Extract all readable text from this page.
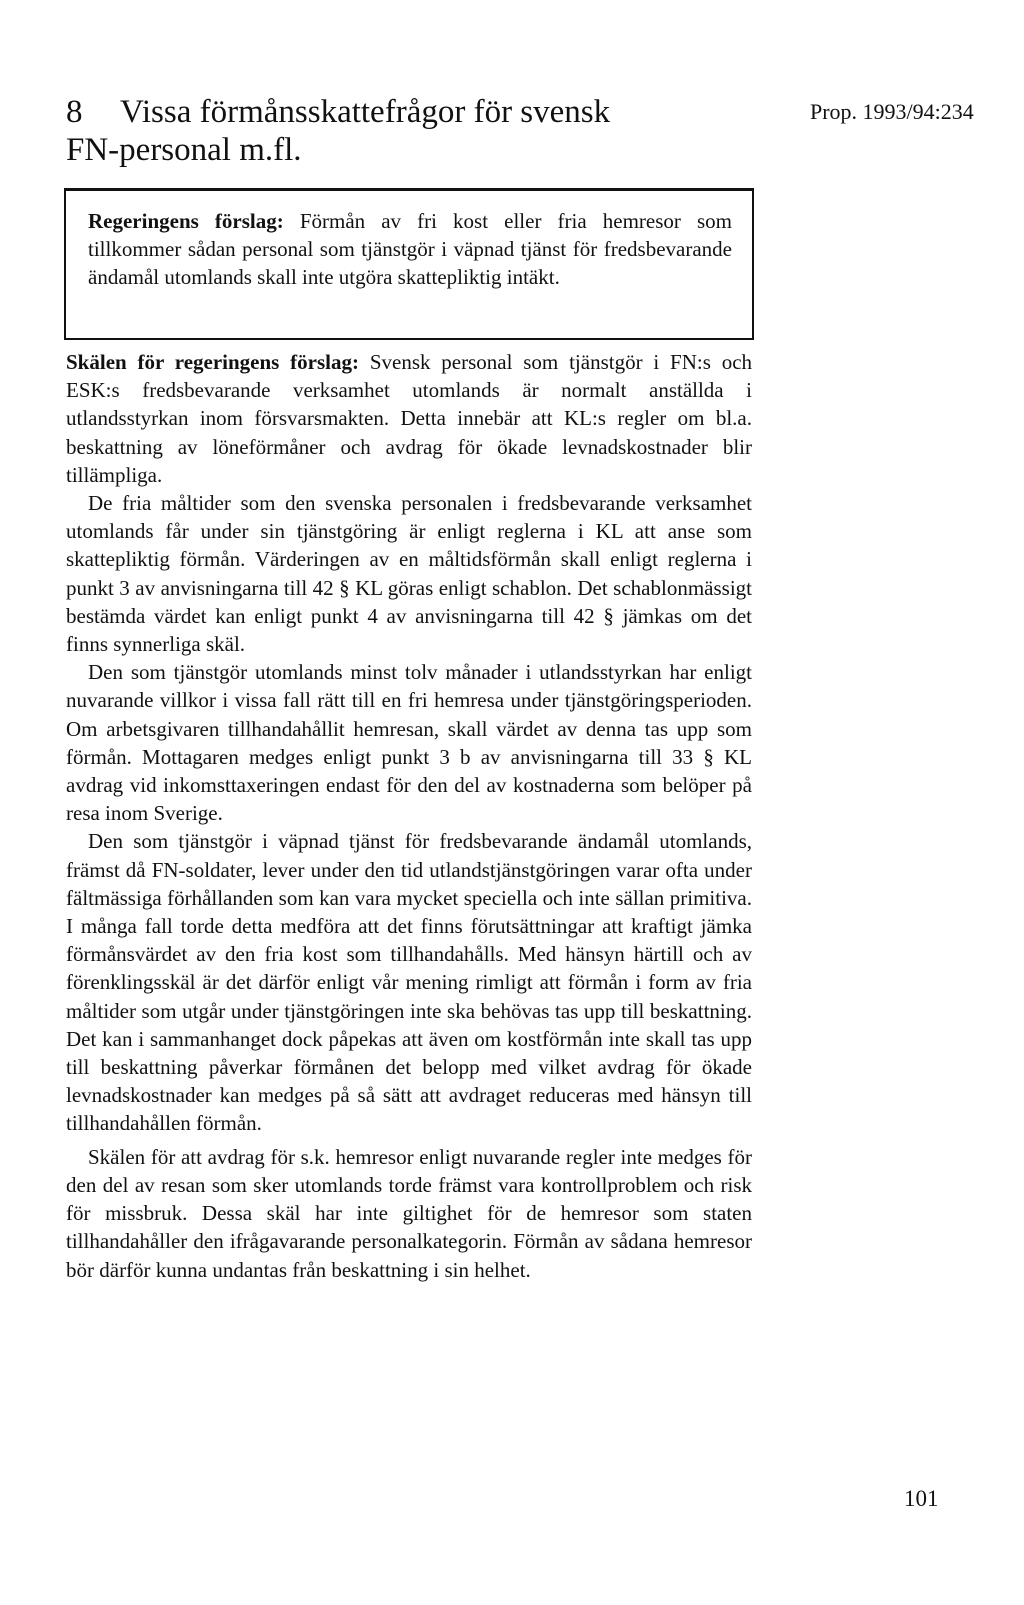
8 Vissa förmånsskattefrågor för svensk FN-personal m.fl.
Prop. 1993/94:234
Regeringens förslag: Förmån av fri kost eller fria hemresor som tillkommer sådan personal som tjänstgör i väpnad tjänst för fredsbevarande ändamål utomlands skall inte utgöra skattepliktig intäkt.

Skälen för regeringens förslag: Svensk personal som tjänstgör i FN:s och ESK:s fredsbevarande verksamhet utomlands är normalt anställda i utlandsstyrkan inom försvarsmakten. Detta innebär att KL:s regler om bl.a. beskattning av löneförmåner och avdrag för ökade levnadskostnader blir tillämpliga.

De fria måltider som den svenska personalen i fredsbevarande verksamhet utomlands får under sin tjänstgöring är enligt reglerna i KL att anse som skattepliktig förmån. Värderingen av en måltidsförmån skall enligt reglerna i punkt 3 av anvisningarna till 42 § KL göras enligt schablon. Det schablonmässigt bestämda värdet kan enligt punkt 4 av anvisningarna till 42 § jämkas om det finns synnerliga skäl.

Den som tjänstgör utomlands minst tolv månader i utlandsstyrkan har enligt nuvarande villkor i vissa fall rätt till en fri hemresa under tjänstgöringsperioden. Om arbetsgivaren tillhandahållit hemresan, skall värdet av denna tas upp som förmån. Mottagaren medges enligt punkt 3 b av anvisningarna till 33 § KL avdrag vid inkomsttaxeringen endast för den del av kostnaderna som belöper på resa inom Sverige.

Den som tjänstgör i väpnad tjänst för fredsbevarande ändamål utomlands, främst då FN-soldater, lever under den tid utlandstjänstgöringen varar ofta under fältmässiga förhållanden som kan vara mycket speciella och inte sällan primitiva. I många fall torde detta medföra att det finns förutsättningar att kraftigt jämka förmånsvärdet av den fria kost som tillhandahålls. Med hänsyn härtill och av förenklingsskäl är det därför enligt vår mening rimligt att förmån i form av fria måltider som utgår under tjänstgöringen inte ska behövas tas upp till beskattning. Det kan i sammanhanget dock påpekas att även om kostförmån inte skall tas upp till beskattning påverkar förmånen det belopp med vilket avdrag för ökade levnadskostnader kan medges på så sätt att avdraget reduceras med hänsyn till tillhandahållen förmån.

Skälen för att avdrag för s.k. hemresor enligt nuvarande regler inte medges för den del av resan som sker utomlands torde främst vara kontrollproblem och risk för missbruk. Dessa skäl har inte giltighet för de hemresor som staten tillhandahåller den ifrågavarande personalkategorin. Förmån av sådana hemresor bör därför kunna undantas från beskattning i sin helhet.

101
